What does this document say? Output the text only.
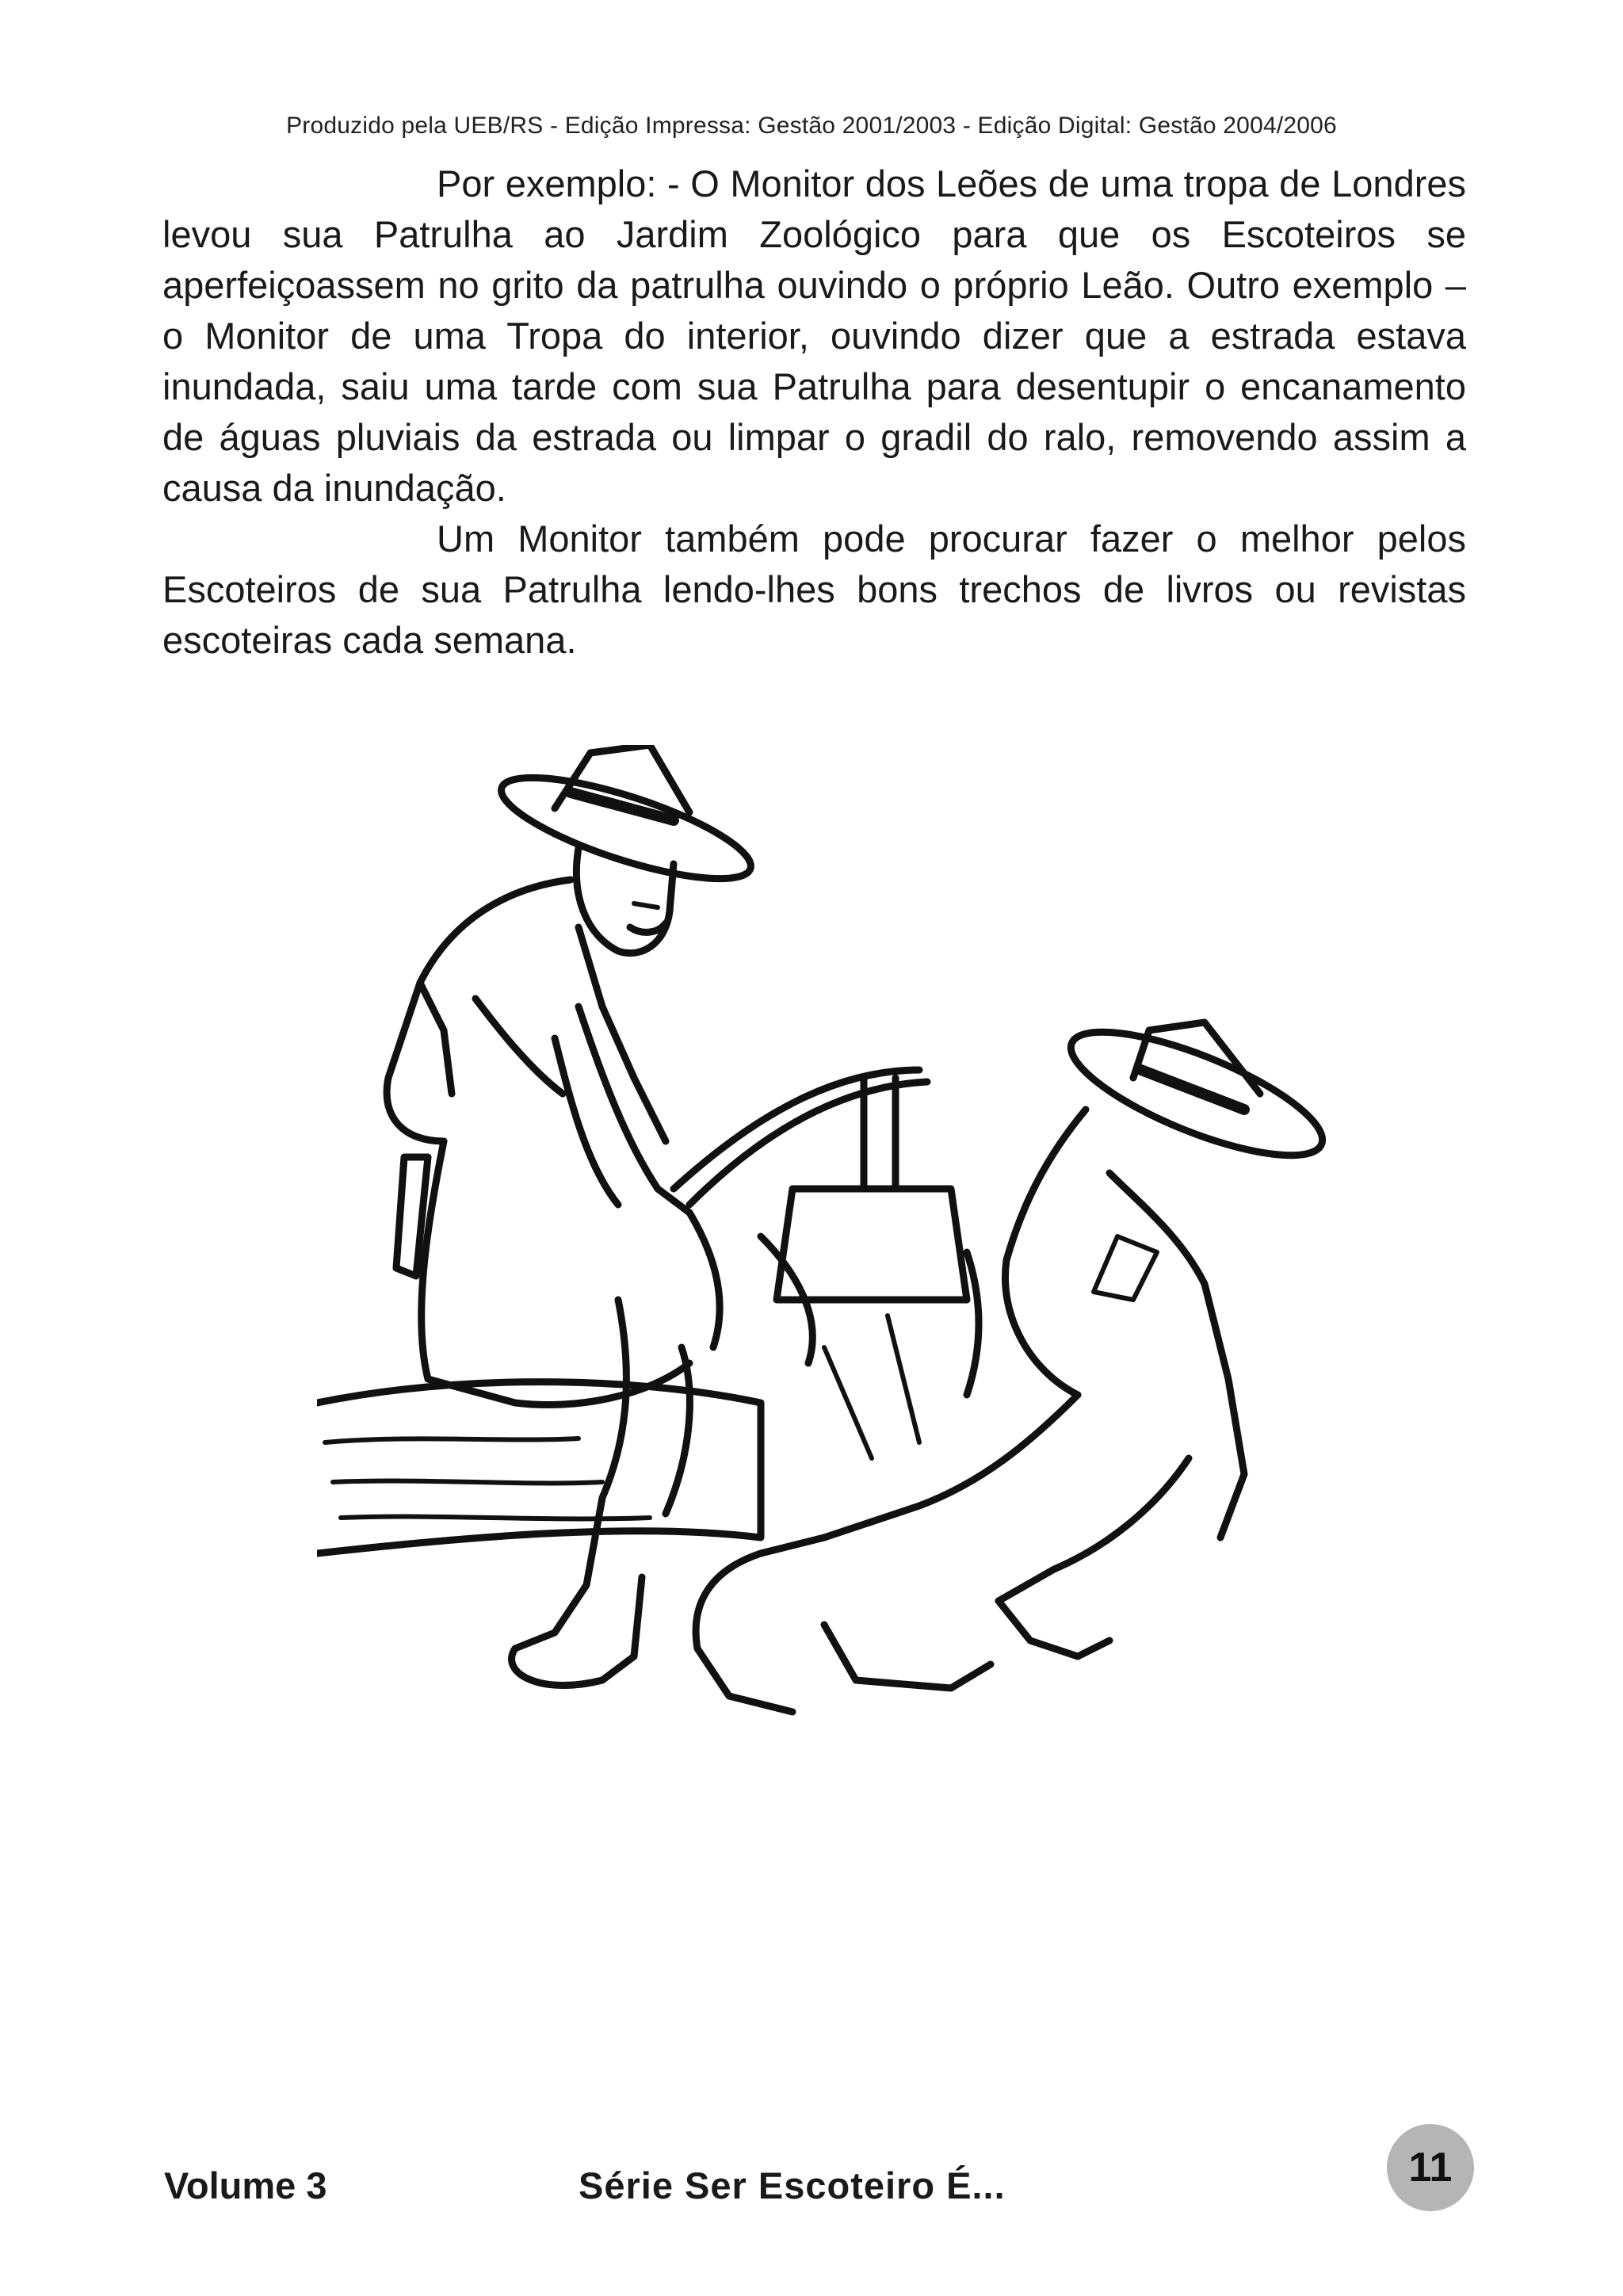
Produzido pela UEB/RS - Edição Impressa: Gestão 2001/2003 - Edição Digital: Gestão 2004/2006

Por exemplo: - O Monitor dos Leões de uma tropa de Londres levou sua Patrulha ao Jardim Zoológico para que os Escoteiros se aperfeiçoassem no grito da patrulha ouvindo o próprio Leão. Outro exemplo – o Monitor de uma Tropa do interior, ouvindo dizer que a estrada estava inundada, saiu uma tarde com sua Patrulha para desentupir o encanamento de águas pluviais da estrada ou limpar o gradil do ralo, removendo assim a causa da inundação.

Um Monitor também pode procurar fazer o melhor pelos Escoteiros de sua Patrulha lendo-lhes bons trechos de livros ou revistas escoteiras cada semana.

Volume 3	Série Ser Escoteiro É...	11
